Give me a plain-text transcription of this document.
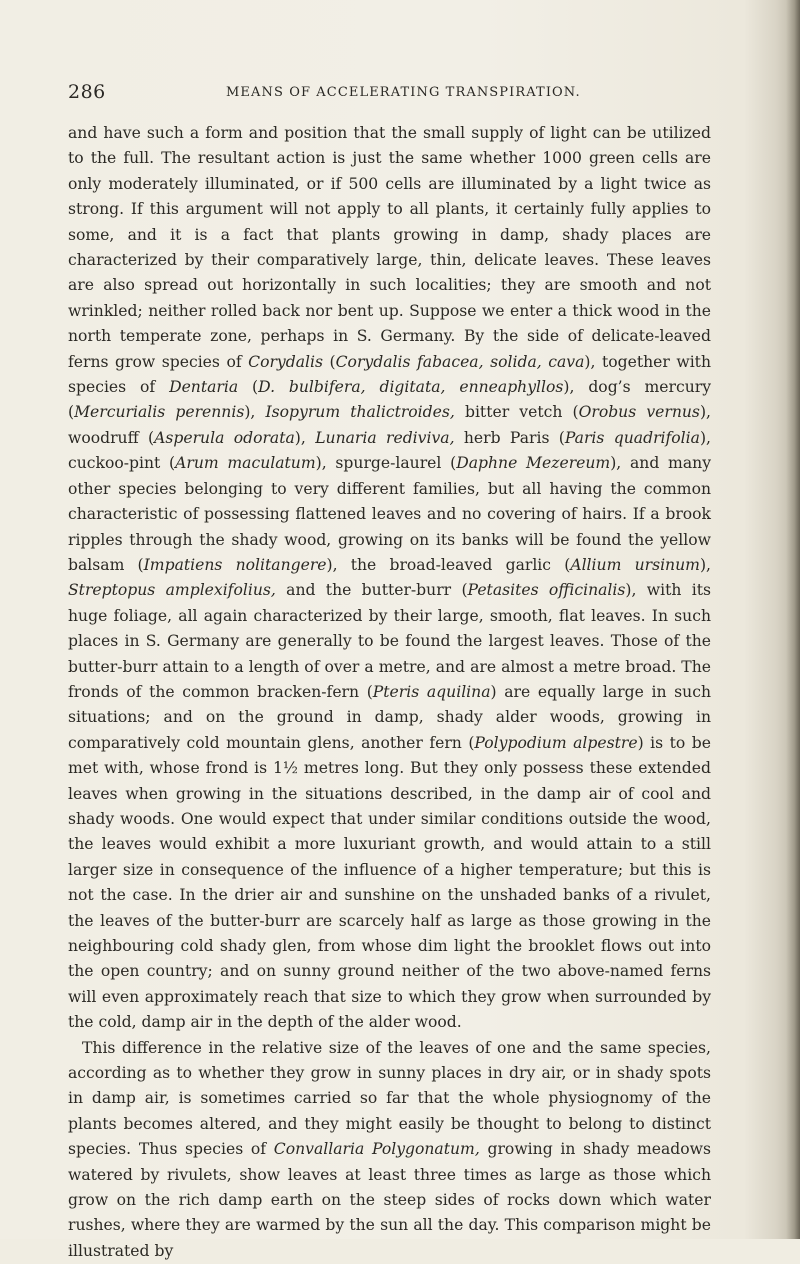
286	MEANS OF ACCELERATING TRANSPIRATION.

and have such a form and position that the small supply of light can be utilized to the full. The resultant action is just the same whether 1000 green cells are only moderately illuminated, or if 500 cells are illuminated by a light twice as strong. If this argument will not apply to all plants, it certainly fully applies to some, and it is a fact that plants growing in damp, shady places are characterized by their comparatively large, thin, delicate leaves. These leaves are also spread out horizontally in such localities; they are smooth and not wrinkled; neither rolled back nor bent up. Suppose we enter a thick wood in the north temperate zone, perhaps in S. Germany. By the side of delicate-leaved ferns grow species of Corydalis (Corydalis fabacea, solida, cava), together with species of Dentaria (D. bulbifera, digitata, enneaphyllos), dog’s mercury (Mercurialis perennis), Isopyrum thalictroides, bitter vetch (Orobus vernus), woodruff (Asperula odorata), Lunaria rediviva, herb Paris (Paris quadrifolia), cuckoo-pint (Arum maculatum), spurge-laurel (Daphne Mezereum), and many other species belonging to very different families, but all having the common characteristic of possessing flattened leaves and no covering of hairs. If a brook ripples through the shady wood, growing on its banks will be found the yellow balsam (Impatiens nolitangere), the broad-leaved garlic (Allium ursinum), Streptopus amplexifolius, and the butter-burr (Petasites officinalis), with its huge foliage, all again characterized by their large, smooth, flat leaves. In such places in S. Germany are generally to be found the largest leaves. Those of the butter-burr attain to a length of over a metre, and are almost a metre broad. The fronds of the common bracken-fern (Pteris aquilina) are equally large in such situations; and on the ground in damp, shady alder woods, growing in comparatively cold mountain glens, another fern (Polypodium alpestre) is to be met with, whose frond is 1½ metres long. But they only possess these extended leaves when growing in the situations described, in the damp air of cool and shady woods. One would expect that under similar conditions outside the wood, the leaves would exhibit a more luxuriant growth, and would attain to a still larger size in consequence of the influence of a higher temperature; but this is not the case. In the drier air and sunshine on the unshaded banks of a rivulet, the leaves of the butter-burr are scarcely half as large as those growing in the neighbouring cold shady glen, from whose dim light the brooklet flows out into the open country; and on sunny ground neither of the two above-named ferns will even approximately reach that size to which they grow when surrounded by the cold, damp air in the depth of the alder wood.

This difference in the relative size of the leaves of one and the same species, according as to whether they grow in sunny places in dry air, or in shady spots in damp air, is sometimes carried so far that the whole physiognomy of the plants becomes altered, and they might easily be thought to belong to distinct species. Thus species of Convallaria Polygonatum, growing in shady meadows watered by rivulets, show leaves at least three times as large as those which grow on the rich damp earth on the steep sides of rocks down which water rushes, where they are warmed by the sun all the day. This comparison might be illustrated by
